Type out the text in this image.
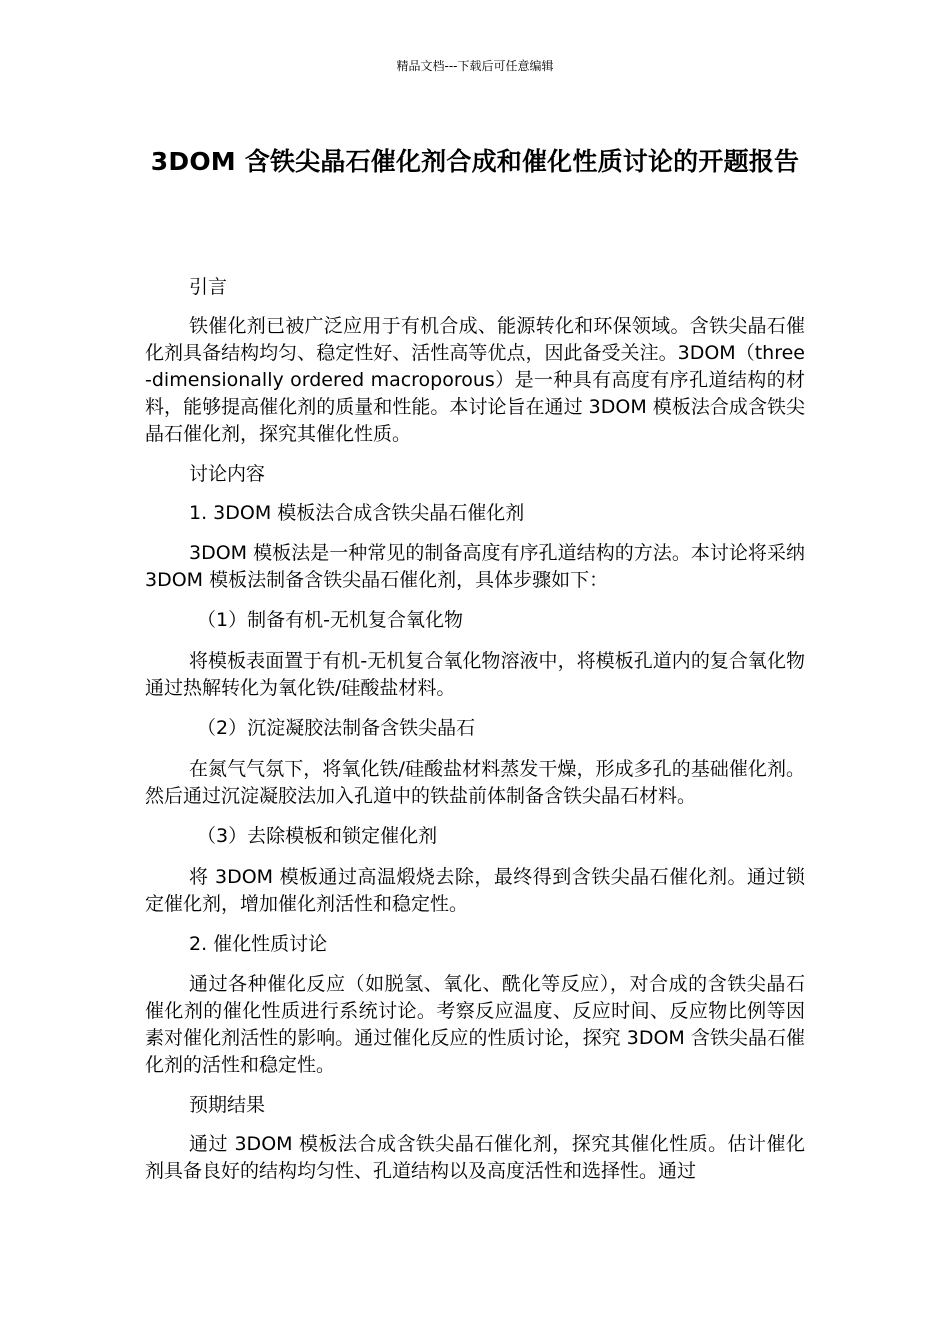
精品文档---下载后可任意编辑
3DOM 含铁尖晶石催化剂合成和催化性质讨论的开题报告

引言

铁催化剂已被广泛应用于有机合成、能源转化和环保领域。含铁尖晶石催化剂具备结构均匀、稳定性好、活性高等优点，因此备受关注。3DOM（three-dimensionally ordered macroporous）是一种具有高度有序孔道结构的材料，能够提高催化剂的质量和性能。本讨论旨在通过 3DOM 模板法合成含铁尖晶石催化剂，探究其催化性质。

讨论内容

1. 3DOM 模板法合成含铁尖晶石催化剂

3DOM 模板法是一种常见的制备高度有序孔道结构的方法。本讨论将采纳 3DOM 模板法制备含铁尖晶石催化剂，具体步骤如下：

（1）制备有机-无机复合氧化物

将模板表面置于有机-无机复合氧化物溶液中，将模板孔道内的复合氧化物通过热解转化为氧化铁/硅酸盐材料。

（2）沉淀凝胶法制备含铁尖晶石

在氮气气氛下，将氧化铁/硅酸盐材料蒸发干燥，形成多孔的基础催化剂。然后通过沉淀凝胶法加入孔道中的铁盐前体制备含铁尖晶石材料。

（3）去除模板和锁定催化剂

将 3DOM 模板通过高温煅烧去除，最终得到含铁尖晶石催化剂。通过锁定催化剂，增加催化剂活性和稳定性。

2. 催化性质讨论

通过各种催化反应（如脱氢、氧化、酰化等反应），对合成的含铁尖晶石催化剂的催化性质进行系统讨论。考察反应温度、反应时间、反应物比例等因素对催化剂活性的影响。通过催化反应的性质讨论，探究 3DOM 含铁尖晶石催化剂的活性和稳定性。

预期结果

通过 3DOM 模板法合成含铁尖晶石催化剂，探究其催化性质。估计催化剂具备良好的结构均匀性、孔道结构以及高度活性和选择性。通过
